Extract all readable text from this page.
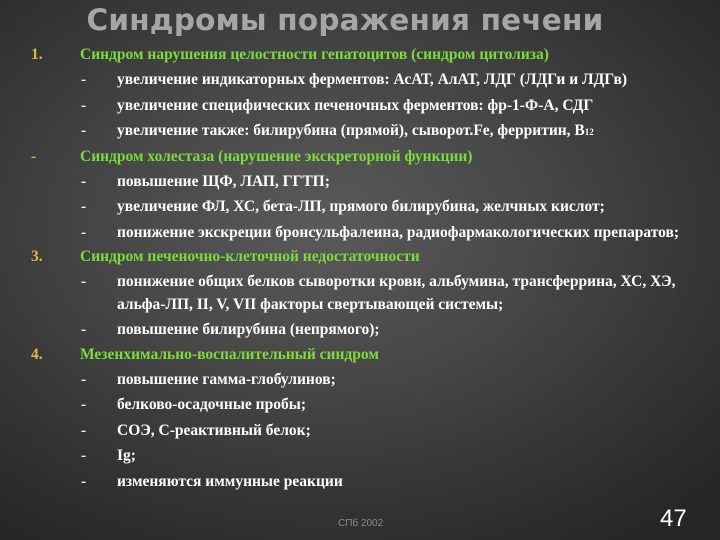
Синдромы поражения печени
1. Синдром нарушения целостности гепатоцитов (синдром цитолиза)
- увеличение индикаторных ферментов: АсАТ, АлАТ, ЛДГ (ЛДГи и ЛДГв)
- увеличение специфических печеночных ферментов: фр-1-Ф-А, СДГ
- увеличение также: билирубина (прямой), сыворот.Fe, ферритин, В12
-	Синдром холестаза (нарушение экскреторной функции)
- повышение ЩФ, ЛАП, ГГТП;
- увеличение ФЛ, ХС, бета-ЛП, прямого билирубина, желчных кислот;
- понижение экскреции бронсульфалеина, радиофармакологических препаратов;
3. Синдром печеночно-клеточной недостаточности
- понижение общих белков сыворотки крови, альбумина, трансферрина, ХС, ХЭ, альфа-ЛП, II, V, VII факторы свертывающей системы;
- повышение билирубина (непрямого);
4. Мезенхимально-воспалительный синдром
- повышение гамма-глобулинов;
- белково-осадочные пробы;
- СОЭ, С-реактивный белок;
- Ig;
- изменяются иммунные реакции
СПб 2002	47
